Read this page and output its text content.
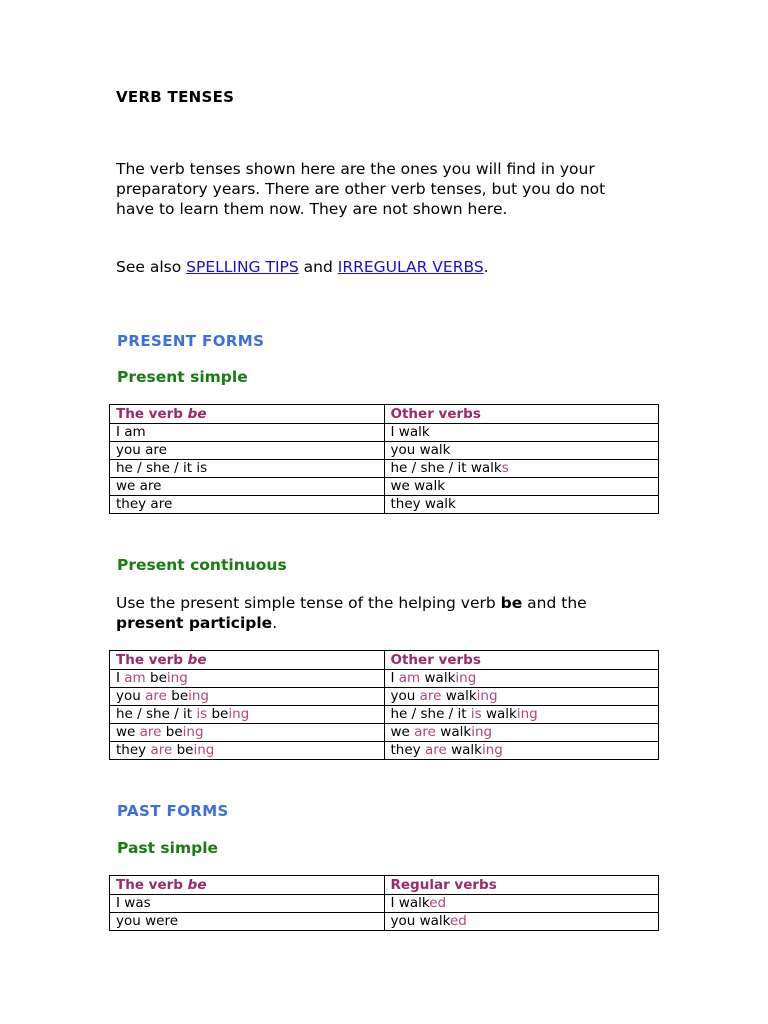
VERB TENSES

The verb tenses shown here are the ones you will find in your preparatory years. There are other verb tenses, but you do not have to learn them now. They are not shown here.

See also SPELLING TIPS and IRREGULAR VERBS.

PRESENT FORMS
Present simple
The verb be	Other verbs
I am	I walk
you are	you walk
he / she / it is	he / she / it walks
we are	we walk
they are	they walk
Present continuous

Use the present simple tense of the helping verb be and the present participle.

The verb be	Other verbs
I am being	I am walking
you are being	you are walking
he / she / it is being	he / she / it is walking
we are being	we are walking
they are being	they are walking
PAST FORMS
Past simple
The verb be	Regular verbs
I was	I walked
you were	you walked
